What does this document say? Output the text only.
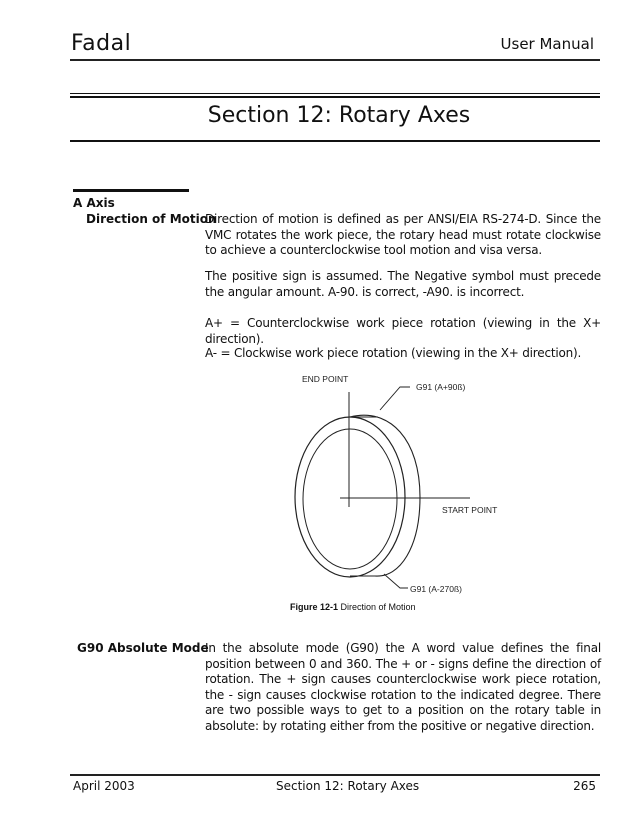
Fadal	User Manual
Section 12: Rotary Axes
A Axis
Direction of Motion
Direction of motion is defined as per ANSI/EIA RS-274-D. Since the VMC rotates the work piece, the rotary head must rotate clockwise to achieve a counterclockwise tool motion and visa versa.
The positive sign is assumed. The Negative symbol must precede the angular amount. A-90. is correct, -A90. is incorrect.
A+ = Counterclockwise work piece rotation (viewing in the X+ direction).
A- = Clockwise work piece rotation (viewing in the X+ direction).
END POINT
G91 (A+90ß)
START POINT
G91 (A-270ß)
Figure 12-1 Direction of Motion
G90 Absolute Mode
In the absolute mode (G90) the A word value defines the final position between 0 and 360. The + or - signs define the direction of rotation. The + sign causes counterclockwise work piece rotation, the - sign causes clockwise rotation to the indicated degree. There are two possible ways to get to a position on the rotary table in absolute: by rotating either from the positive or negative direction.
April 2003	Section 12: Rotary Axes	265
